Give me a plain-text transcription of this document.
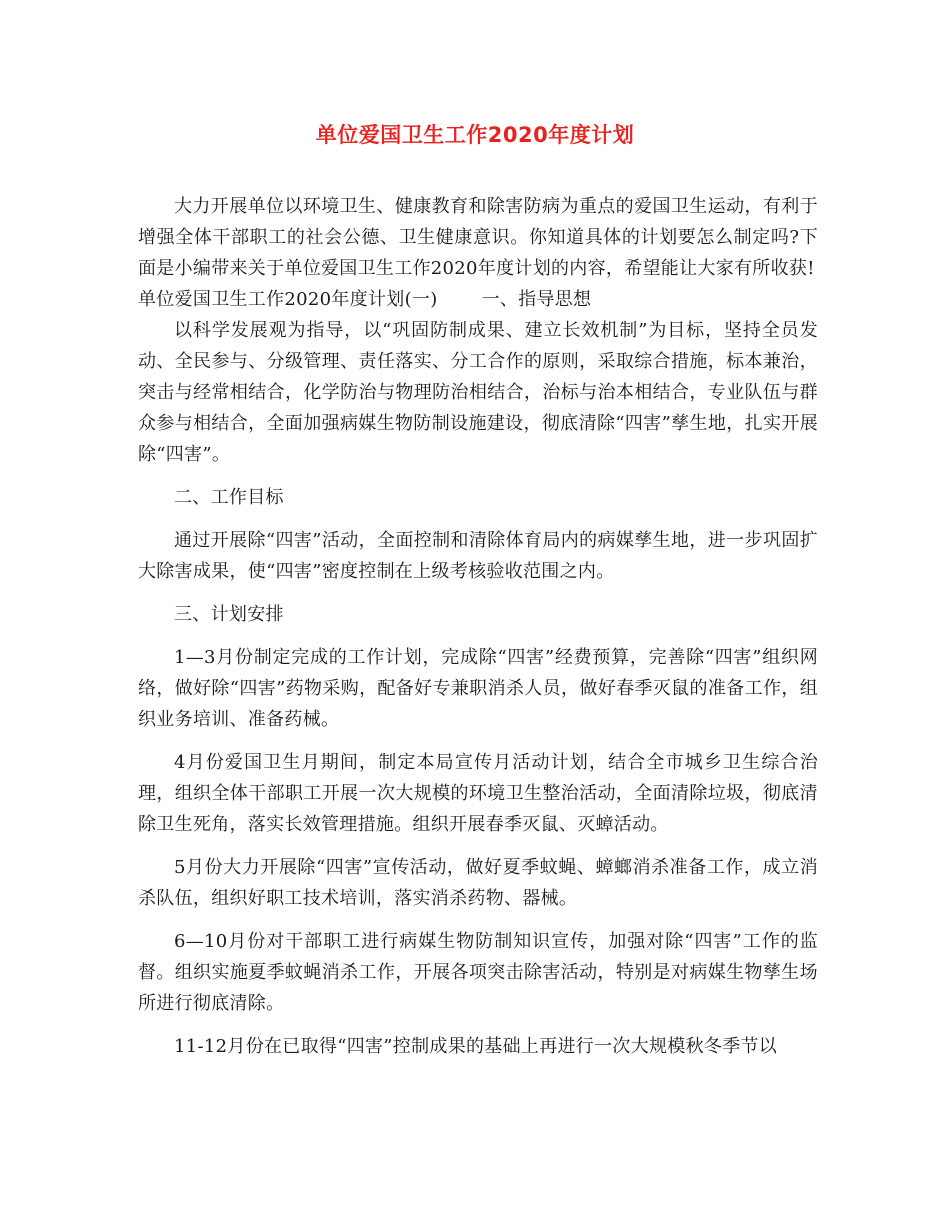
单位爱国卫生工作2020年度计划

大力开展单位以环境卫生、健康教育和除害防病为重点的爱国卫生运动，有利于增强全体干部职工的社会公德、卫生健康意识。你知道具体的计划要怎么制定吗?下面是小编带来关于单位爱国卫生工作2020年度计划的内容，希望能让大家有所收获!

单位爱国卫生工作2020年度计划(一) 一、指导思想

以科学发展观为指导，以“巩固防制成果、建立长效机制”为目标，坚持全员发动、全民参与、分级管理、责任落实、分工合作的原则，采取综合措施，标本兼治，突击与经常相结合，化学防治与物理防治相结合，治标与治本相结合，专业队伍与群众参与相结合，全面加强病媒生物防制设施建设，彻底清除“四害”孳生地，扎实开展除“四害”。

二、工作目标

通过开展除“四害”活动，全面控制和清除体育局内的病媒孳生地，进一步巩固扩大除害成果，使“四害”密度控制在上级考核验收范围之内。

三、计划安排

1—3月份制定完成的工作计划，完成除“四害”经费预算，完善除“四害”组织网络，做好除“四害”药物采购，配备好专兼职消杀人员，做好春季灭鼠的准备工作，组织业务培训、准备药械。

4月份爱国卫生月期间，制定本局宣传月活动计划，结合全市城乡卫生综合治理，组织全体干部职工开展一次大规模的环境卫生整治活动，全面清除垃圾，彻底清除卫生死角，落实长效管理措施。组织开展春季灭鼠、灭蟑活动。

5月份大力开展除“四害”宣传活动，做好夏季蚊蝇、蟑螂消杀准备工作，成立消杀队伍，组织好职工技术培训，落实消杀药物、器械。

6—10月份对干部职工进行病媒生物防制知识宣传，加强对除“四害”工作的监督。组织实施夏季蚊蝇消杀工作，开展各项突击除害活动，特别是对病媒生物孳生场所进行彻底清除。

11-12月份在已取得“四害”控制成果的基础上再进行一次大规模秋冬季节以
